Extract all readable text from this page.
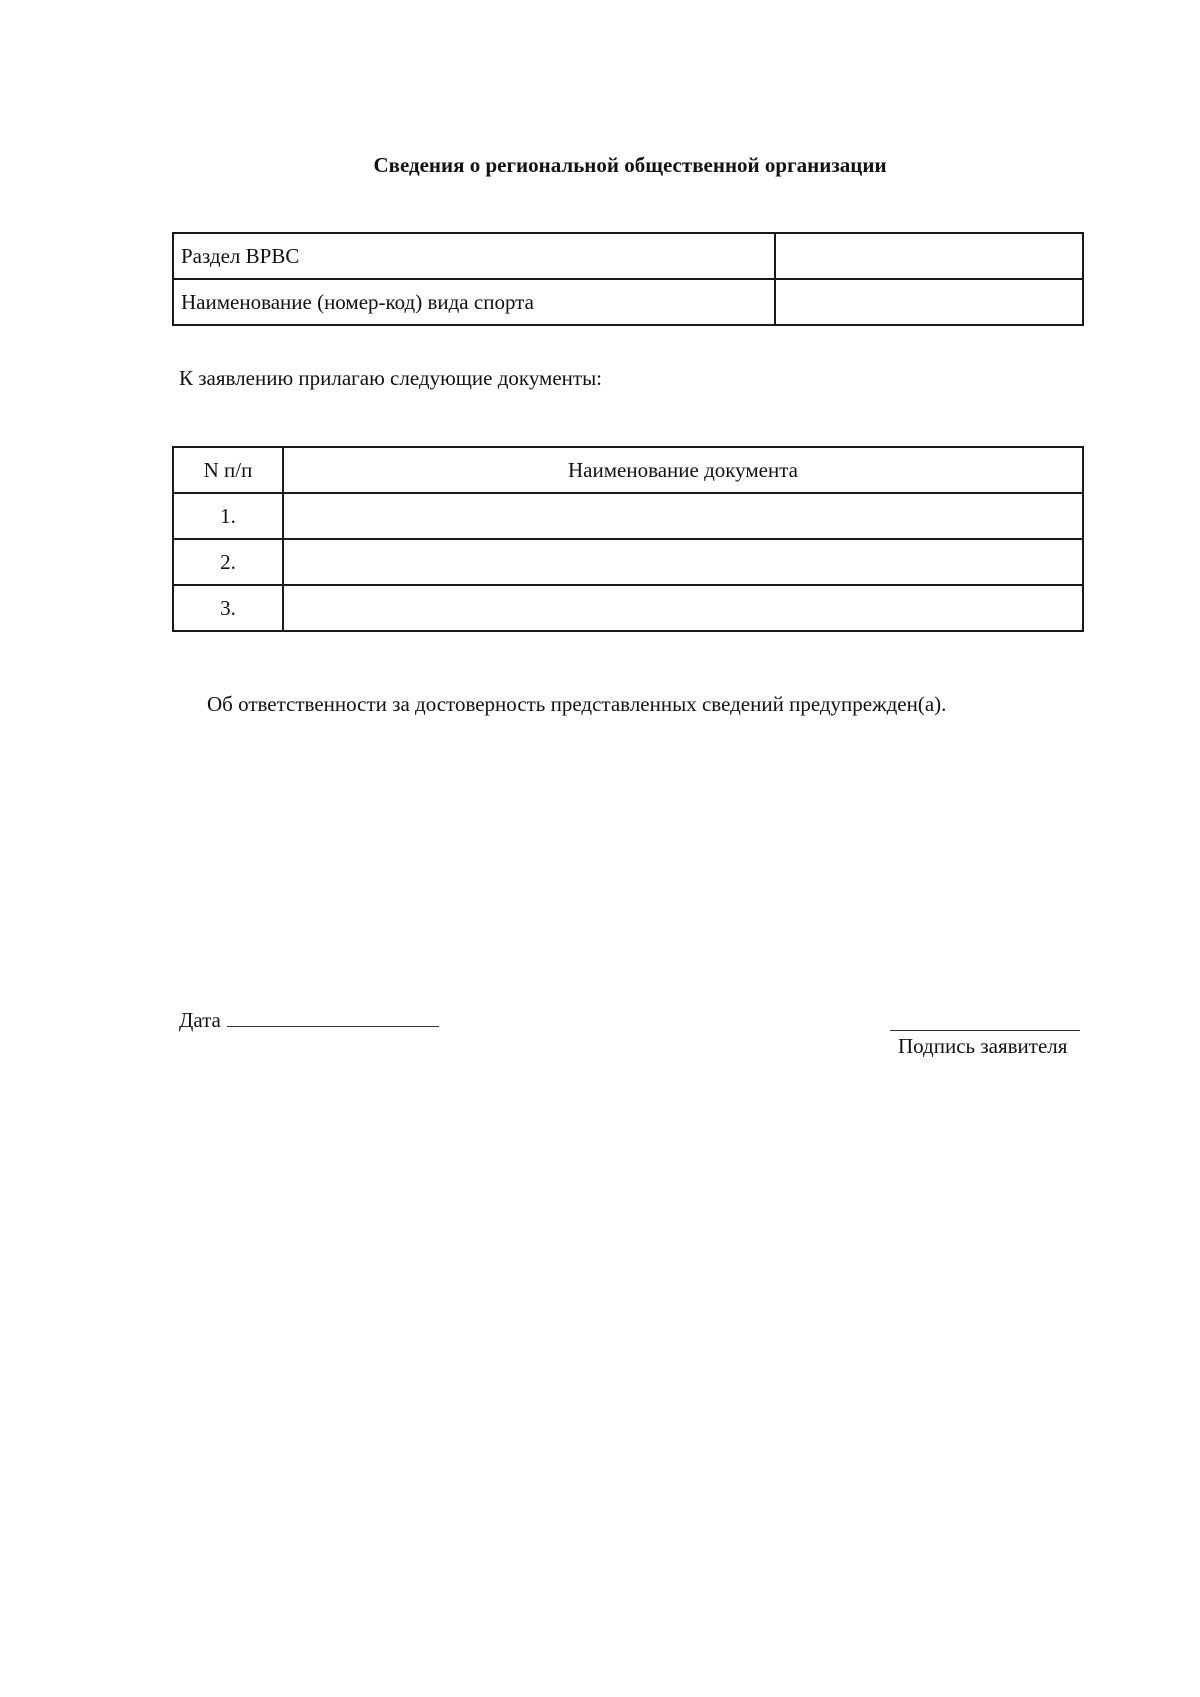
Сведения о региональной общественной организации
Раздел ВРВС	
Наименование (номер-код) вида спорта	
К заявлению прилагаю следующие документы:
N п/п	Наименование документа
1.	
2.	
3.	
Об ответственности за достоверность представленных сведений предупрежден(а).
Дата
Подпись заявителя
